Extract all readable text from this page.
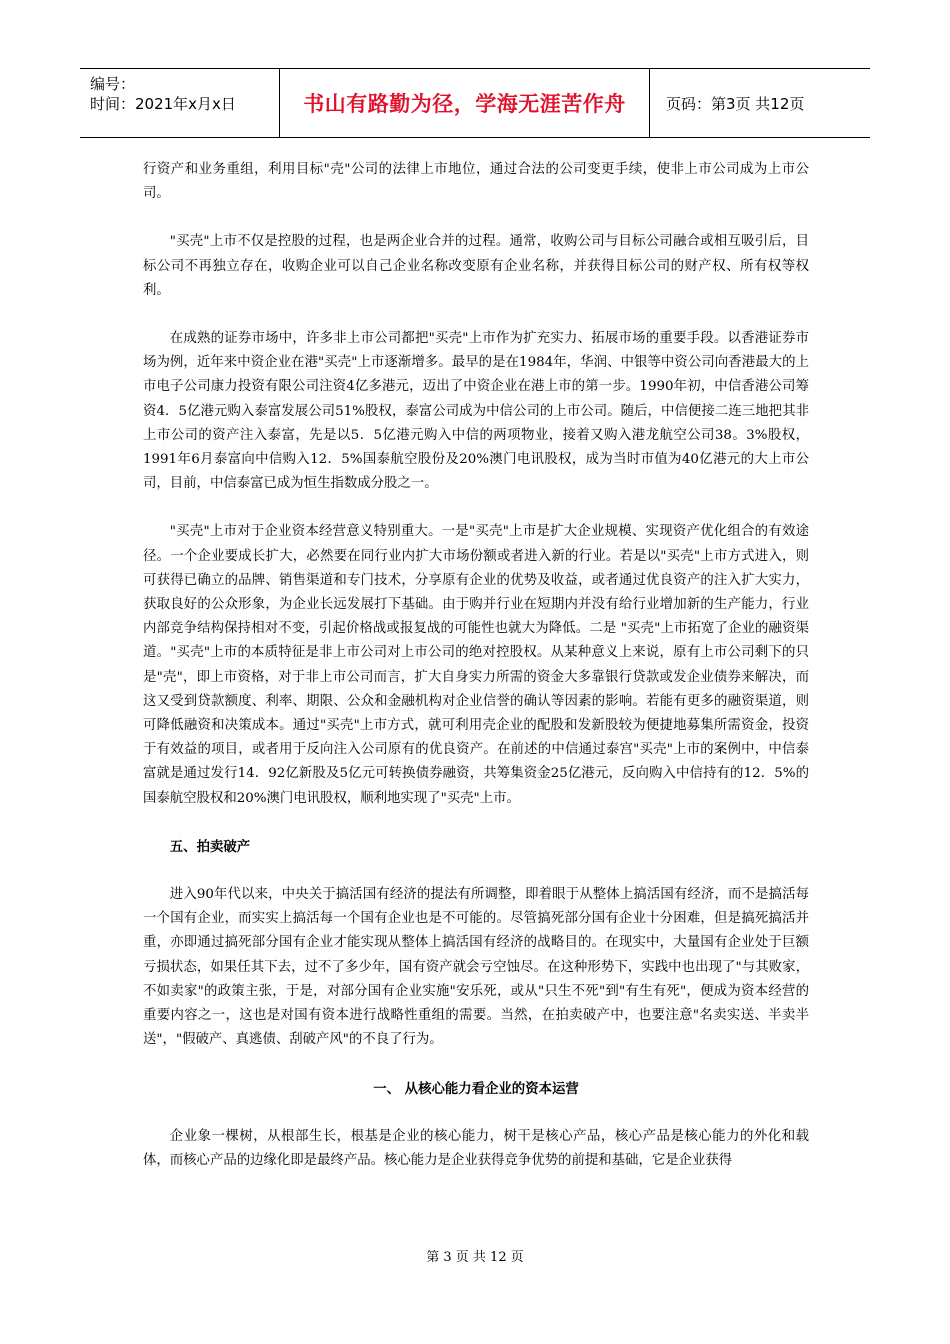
编号：
时间：2021年x月x日	书山有路勤为径，学海无涯苦作舟	页码：第3页 共12页

行资产和业务重组，利用目标"壳"公司的法律上市地位，通过合法的公司变更手续，使非上市公司成为上市公司。

"买壳"上市不仅是控股的过程，也是两企业合并的过程。通常，收购公司与目标公司融合或相互吸引后，目标公司不再独立存在，收购企业可以自己企业名称改变原有企业名称，并获得目标公司的财产权、所有权等权利。

在成熟的证券市场中，许多非上市公司都把"买壳"上市作为扩充实力、拓展市场的重要手段。以香港证券市场为例，近年来中资企业在港"买壳"上市逐渐增多。最早的是在1984年，华润、中银等中资公司向香港最大的上市电子公司康力投资有限公司注资4亿多港元，迈出了中资企业在港上市的第一步。1990年初，中信香港公司筹资4．5亿港元购入泰富发展公司51%股权，泰富公司成为中信公司的上市公司。随后，中信便接二连三地把其非上市公司的资产注入泰富，先是以5．5亿港元购入中信的两项物业，接着又购入港龙航空公司38。3%股权，1991年6月泰富向中信购入12．5%国泰航空股份及20%澳门电讯股权，成为当时市值为40亿港元的大上市公司，目前，中信泰富已成为恒生指数成分股之一。

"买壳"上市对于企业资本经营意义特别重大。一是"买壳"上市是扩大企业规模、实现资产优化组合的有效途径。一个企业要成长扩大，必然要在同行业内扩大市场份额或者进入新的行业。若是以"买壳"上市方式进入，则可获得已确立的品牌、销售渠道和专门技术，分享原有企业的优势及收益，或者通过优良资产的注入扩大实力，获取良好的公众形象，为企业长远发展打下基础。由于购并行业在短期内并没有给行业增加新的生产能力，行业内部竞争结构保持相对不变，引起价格战或报复战的可能性也就大为降低。二是 "买壳"上市拓宽了企业的融资渠道。"买壳"上市的本质特征是非上市公司对上市公司的绝对控股权。从某种意义上来说，原有上市公司剩下的只是"壳"，即上市资格，对于非上市公司而言，扩大自身实力所需的资金大多靠银行贷款或发企业债券来解决，而这又受到贷款额度、利率、期限、公众和金融机构对企业信誉的确认等因素的影响。若能有更多的融资渠道，则可降低融资和决策成本。通过"买壳"上市方式，就可利用壳企业的配股和发新股较为便捷地募集所需资金，投资于有效益的项目，或者用于反向注入公司原有的优良资产。在前述的中信通过泰宫"买壳"上市的案例中，中信泰富就是通过发行14．92亿新股及5亿元可转换债券融资，共筹集资金25亿港元，反向购入中信持有的12．5%的国泰航空股权和20%澳门电讯股权，顺利地实现了"买壳"上市。

五、拍卖破产

进入90年代以来，中央关于搞活国有经济的提法有所调整，即着眼于从整体上搞活国有经济，而不是搞活每一个国有企业，而实实上搞活每一个国有企业也是不可能的。尽管搞死部分国有企业十分困难，但是搞死搞活并重，亦即通过搞死部分国有企业才能实现从整体上搞活国有经济的战略目的。在现实中，大量国有企业处于巨额亏损状态，如果任其下去，过不了多少年，国有资产就会亏空蚀尽。在这种形势下，实践中也出现了"与其败家，不如卖家"的政策主张，于是，对部分国有企业实施"安乐死，或从"只生不死"到"有生有死"，便成为资本经营的重要内容之一，这也是对国有资本进行战略性重组的需要。当然，在拍卖破产中，也要注意"名卖实送、半卖半送"，"假破产、真逃债、刮破产风"的不良了行为。

一、 从核心能力看企业的资本运营

企业象一棵树，从根部生长，根基是企业的核心能力，树干是核心产品，核心产品是核心能力的外化和载体，而核心产品的边缘化即是最终产品。核心能力是企业获得竞争优势的前提和基础，它是企业获得

第 3 页 共 12 页
